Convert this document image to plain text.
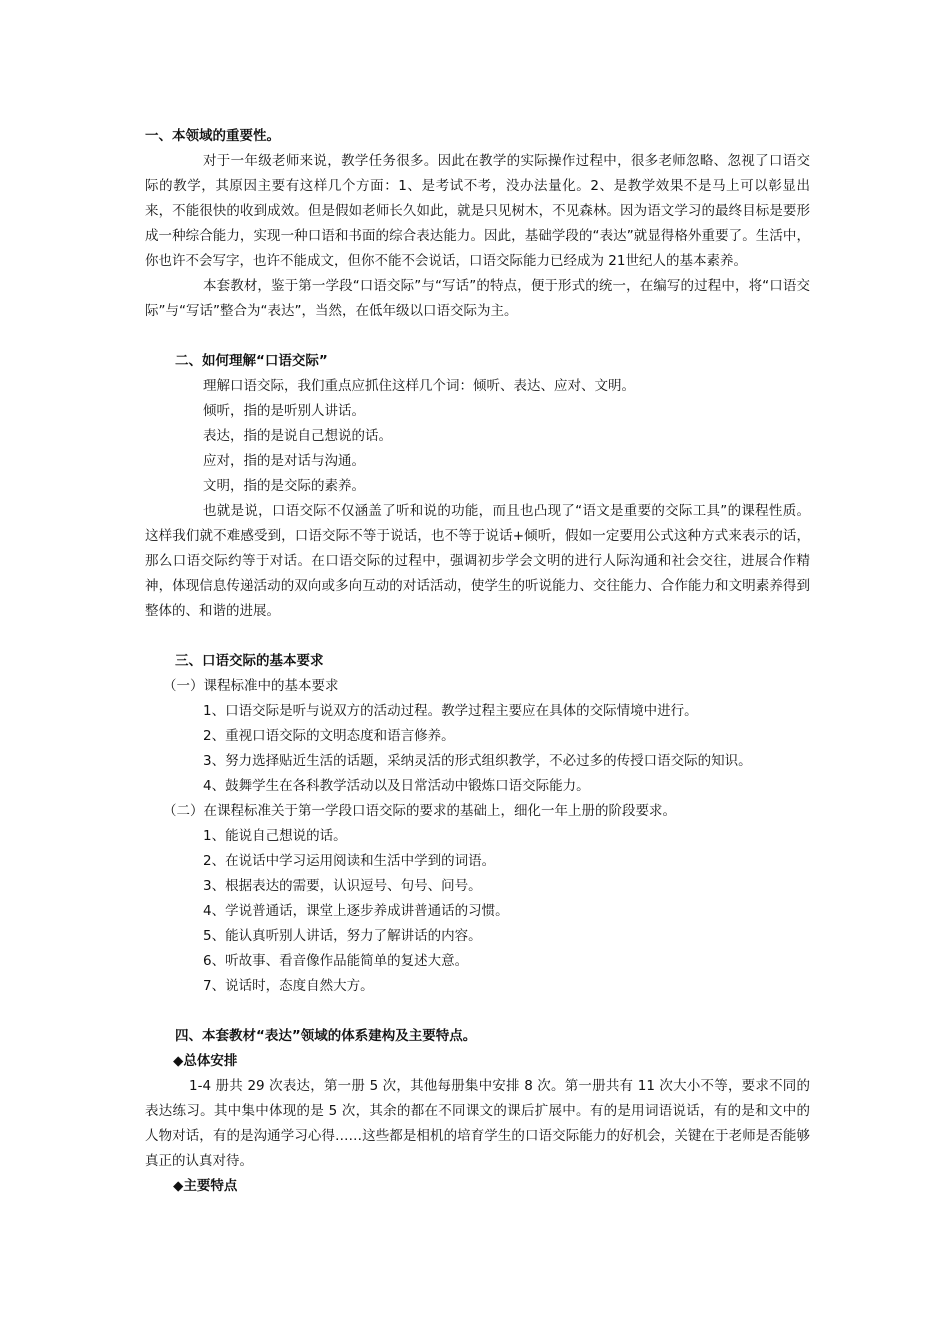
一、本领域的重要性。

对于一年级老师来说，教学任务很多。因此在教学的实际操作过程中，很多老师忽略、忽视了口语交际的教学，其原因主要有这样几个方面：1、是考试不考，没办法量化。2、是教学效果不是马上可以彰显出来，不能很快的收到成效。但是假如老师长久如此，就是只见树木，不见森林。因为语文学习的最终目标是要形成一种综合能力，实现一种口语和书面的综合表达能力。因此，基础学段的“表达”就显得格外重要了。生活中，你也许不会写字，也许不能成文，但你不能不会说话，口语交际能力已经成为 21世纪人的基本素养。

本套教材，鉴于第一学段“口语交际”与“写话”的特点，便于形式的统一，在编写的过程中，将“口语交际”与“写话”整合为“表达”，当然，在低年级以口语交际为主。

二、如何理解“口语交际”

理解口语交际，我们重点应抓住这样几个词：倾听、表达、应对、文明。

倾听，指的是听别人讲话。

表达，指的是说自己想说的话。

应对，指的是对话与沟通。

文明，指的是交际的素养。

也就是说，口语交际不仅涵盖了听和说的功能，而且也凸现了“语文是重要的交际工具”的课程性质。这样我们就不难感受到，口语交际不等于说话，也不等于说话+倾听，假如一定要用公式这种方式来表示的话，那么口语交际约等于对话。在口语交际的过程中，强调初步学会文明的进行人际沟通和社会交往，进展合作精神，体现信息传递活动的双向或多向互动的对话活动，使学生的听说能力、交往能力、合作能力和文明素养得到整体的、和谐的进展。

三、口语交际的基本要求

（一）课程标准中的基本要求

1、口语交际是听与说双方的活动过程。教学过程主要应在具体的交际情境中进行。

2、重视口语交际的文明态度和语言修养。

3、努力选择贴近生活的话题，采纳灵活的形式组织教学，不必过多的传授口语交际的知识。

4、鼓舞学生在各科教学活动以及日常活动中锻炼口语交际能力。

（二）在课程标准关于第一学段口语交际的要求的基础上，细化一年上册的阶段要求。

1、能说自己想说的话。

2、在说话中学习运用阅读和生活中学到的词语。

3、根据表达的需要，认识逗号、句号、问号。

4、学说普通话，课堂上逐步养成讲普通话的习惯。

5、能认真听别人讲话，努力了解讲话的内容。

6、听故事、看音像作品能简单的复述大意。

7、说话时，态度自然大方。

四、本套教材“表达”领域的体系建构及主要特点。

◆总体安排

1-4 册共 29 次表达，第一册 5 次，其他每册集中安排 8 次。第一册共有 11 次大小不等，要求不同的表达练习。其中集中体现的是 5 次，其余的都在不同课文的课后扩展中。有的是用词语说话，有的是和文中的人物对话，有的是沟通学习心得……这些都是相机的培育学生的口语交际能力的好机会，关键在于老师是否能够真正的认真对待。

◆主要特点
